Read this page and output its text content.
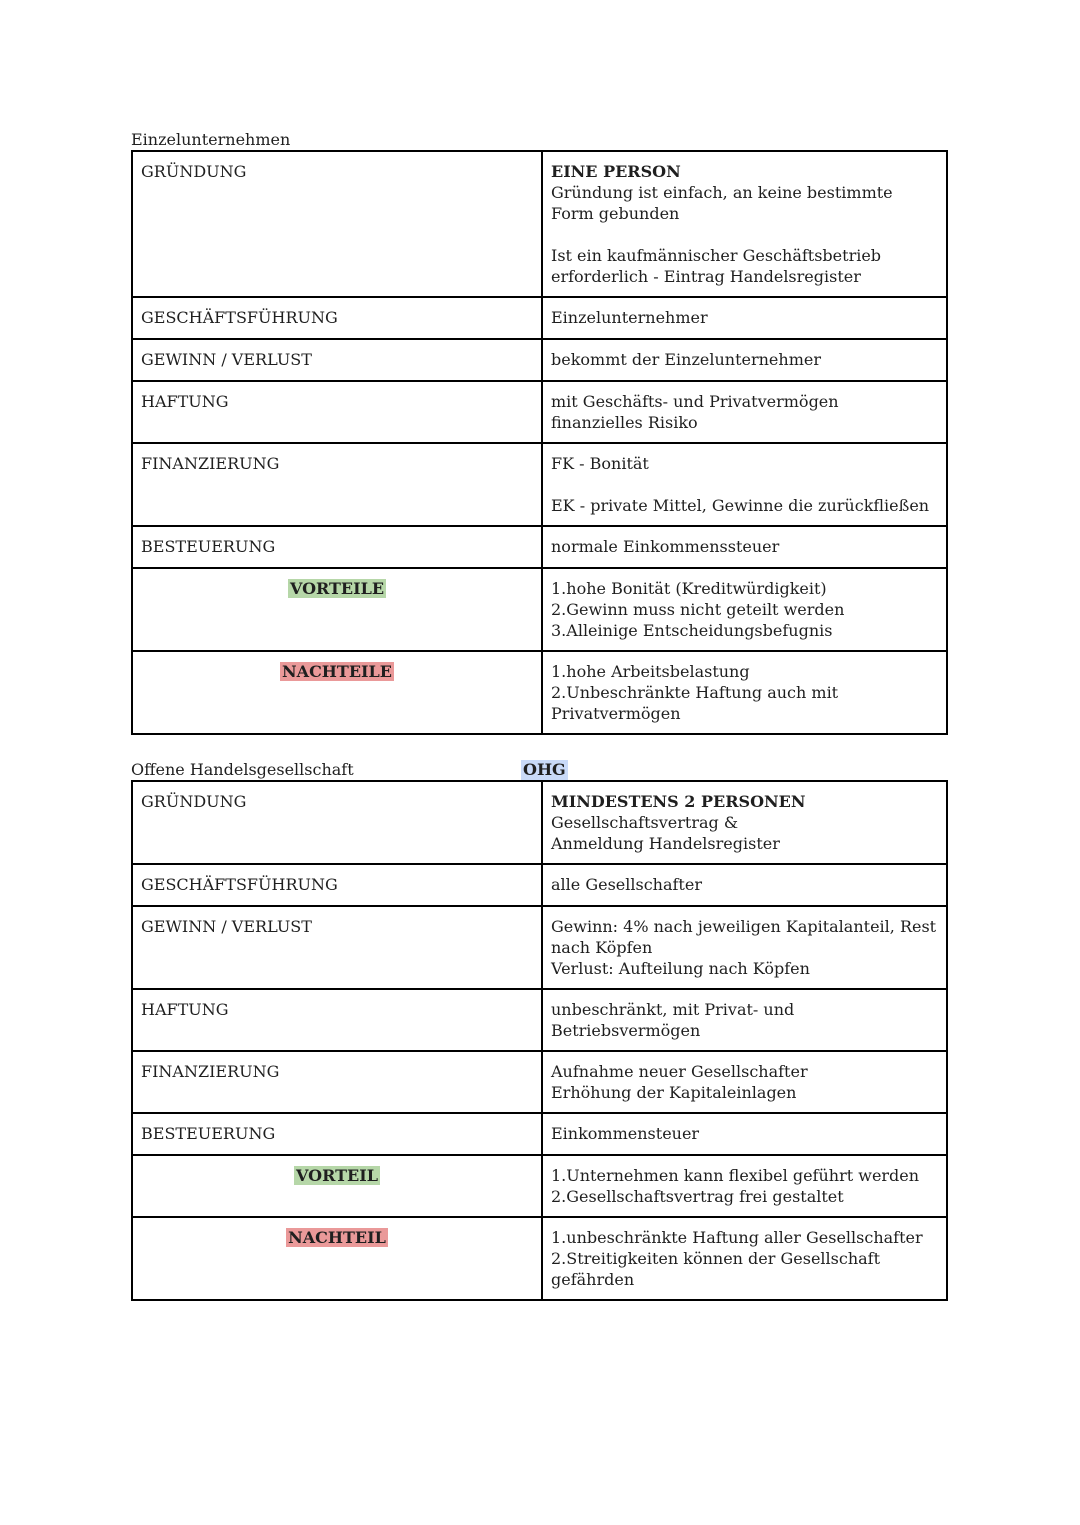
Einzelunternehmen
GRÜNDUNG	EINE PERSON
Gründung ist einfach, an keine bestimmte Form gebunden
Ist ein kaufmännischer Geschäftsbetrieb erforderlich - Eintrag Handelsregister

GESCHÄFTSFÜHRUNG	Einzelunternehmer
GEWINN / VERLUST	bekommt der Einzelunternehmer
HAFTUNG	mit Geschäfts- und Privatvermögen
finanzielles Risiko

FINANZIERUNG	FK - Bonität
EK - private Mittel, Gewinne die zurückfließen

BESTEUERUNG	normale Einkommenssteuer
VORTEILE	1.hohe Bonität (Kreditwürdigkeit)
2.Gewinn muss nicht geteilt werden
3.Alleinige Entscheidungsbefugnis

NACHTEILE	1.hohe Arbeitsbelastung
2.Unbeschränkte Haftung auch mit Privatvermögen
Offene Handelsgesellschaft	OHG
GRÜNDUNG	MINDESTENS 2 PERSONEN
Gesellschaftsvertrag &
Anmeldung Handelsregister

GESCHÄFTSFÜHRUNG	alle Gesellschafter
GEWINN / VERLUST	Gewinn: 4% nach jeweiligen Kapitalanteil, Rest nach Köpfen
Verlust: Aufteilung nach Köpfen

HAFTUNG	unbeschränkt, mit Privat- und Betriebsvermögen
FINANZIERUNG	Aufnahme neuer Gesellschafter
Erhöhung der Kapitaleinlagen

BESTEUERUNG	Einkommensteuer
VORTEIL	1.Unternehmen kann flexibel geführt werden
2.Gesellschaftsvertrag frei gestaltet

NACHTEIL	1.unbeschränkte Haftung aller Gesellschafter
2.Streitigkeiten können der Gesellschaft gefährden
